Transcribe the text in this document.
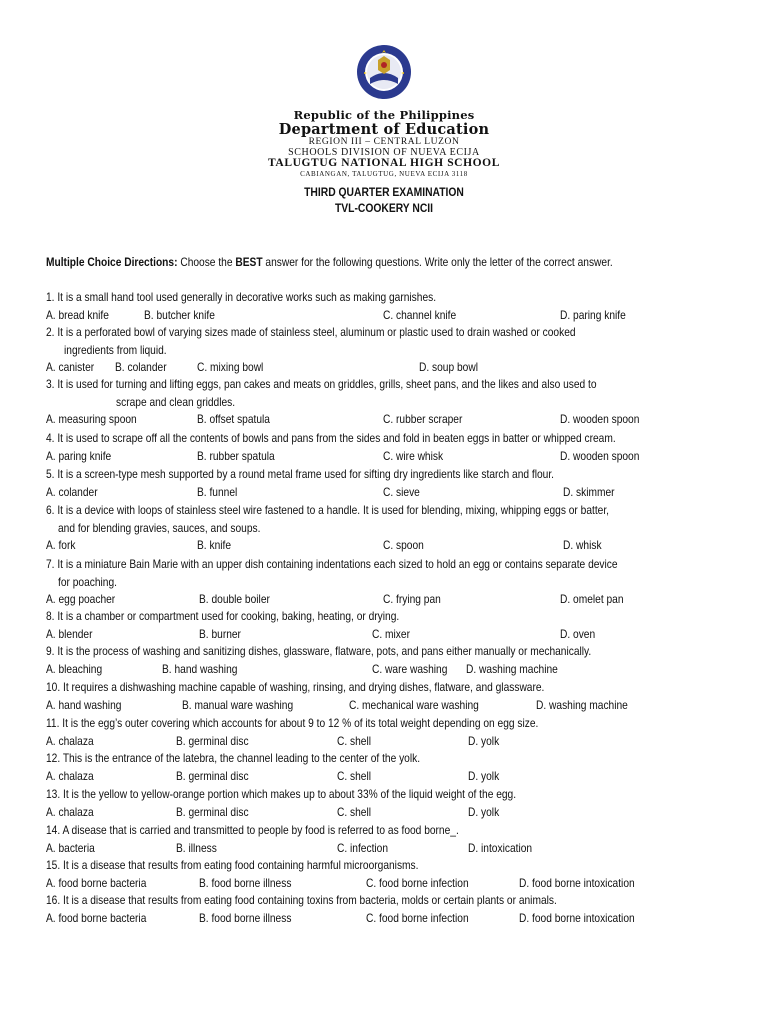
Republic of the Philippines
Department of Education
REGION III – CENTRAL LUZON
SCHOOLS DIVISION OF NUEVA ECIJA
TALUGTUG NATIONAL HIGH SCHOOL
CABIANGAN, TALUGTUG, NUEVA ECIJA 3118
THIRD QUARTER EXAMINATION
TVL-COOKERY NCII
Multiple Choice Directions: Choose the BEST answer for the following questions. Write only the letter of the correct answer.
1. It is a small hand tool used generally in decorative works such as making garnishes.
A. bread knife	B. butcher knife	C. channel knife	D. paring knife
2. It is a perforated bowl of varying sizes made of stainless steel, aluminum or plastic used to drain washed or cooked
ingredients from liquid.
A. canister B. colander	C. mixing bowl	D. soup bowl
3. It is used for turning and lifting eggs, pan cakes and meats on griddles, grills, sheet pans, and the likes and also used to
scrape and clean griddles.
A. measuring spoon	B. offset spatula	C. rubber scraper	D. wooden spoon
4. It is used to scrape off all the contents of bowls and pans from the sides and fold in beaten eggs in batter or whipped cream.
A. paring knife	B. rubber spatula	C. wire whisk	D. wooden spoon
5. It is a screen-type mesh supported by a round metal frame used for sifting dry ingredients like starch and flour.
A. colander	B. funnel	C. sieve	D. skimmer
6. It is a device with loops of stainless steel wire fastened to a handle. It is used for blending, mixing, whipping eggs or batter,
and for blending gravies, sauces, and soups.
A. fork	B. knife	C. spoon	D. whisk
7. It is a miniature Bain Marie with an upper dish containing indentations each sized to hold an egg or contains separate device
for poaching.
A. egg poacher	B. double boiler	C. frying pan	D. omelet pan
8. It is a chamber or compartment used for cooking, baking, heating, or drying.
A. blender	B. burner	C. mixer	D. oven
9. It is the process of washing and sanitizing dishes, glassware, flatware, pots, and pans either manually or mechanically.
A. bleaching	B. hand washing	C. ware washing D. washing machine
10. It requires a dishwashing machine capable of washing, rinsing, and drying dishes, flatware, and glassware.
A. hand washing	B. manual ware washing	C. mechanical ware washing	D. washing machine
11. It is the egg’s outer covering which accounts for about 9 to 12 % of its total weight depending on egg size.
A. chalaza	B. germinal disc	C. shell	D. yolk
12. This is the entrance of the latebra, the channel leading to the center of the yolk.
A. chalaza	B. germinal disc	C. shell	D. yolk
13. It is the yellow to yellow-orange portion which makes up to about 33% of the liquid weight of the egg.
A. chalaza	B. germinal disc	C. shell	D. yolk
14. A disease that is carried and transmitted to people by food is referred to as food borne_.
A. bacteria	B. illness	C. infection	D. intoxication
15. It is a disease that results from eating food containing harmful microorganisms.
A. food borne bacteria	B. food borne illness	C. food borne infection	D. food borne intoxication
16. It is a disease that results from eating food containing toxins from bacteria, molds or certain plants or animals.
A. food borne bacteria	B. food borne illness	C. food borne infection	D. food borne intoxication
